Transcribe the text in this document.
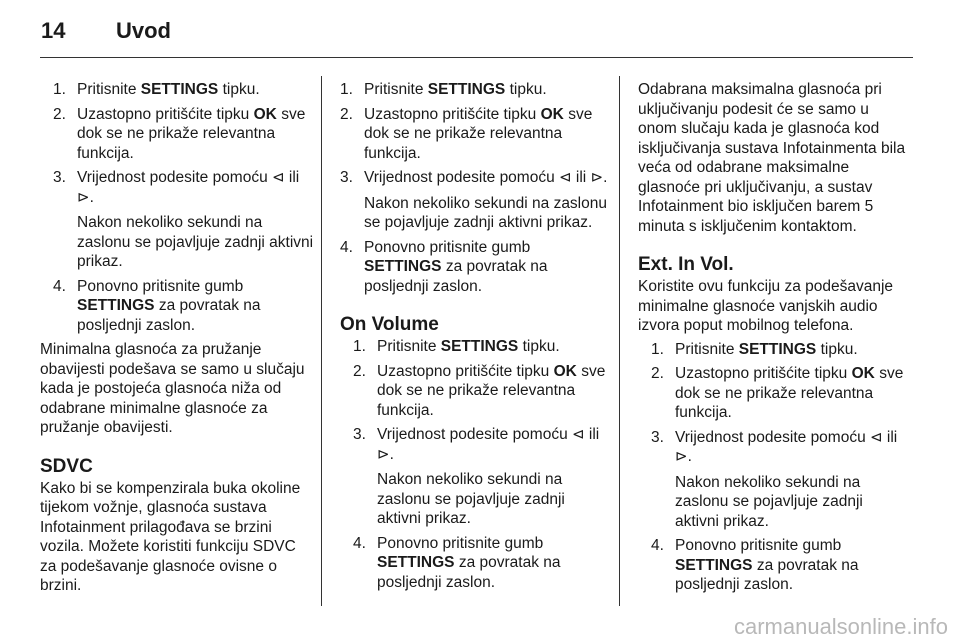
14 Uvod
1. Pritisnite SETTINGS tipku.
2. Uzastopno pritišćite tipku OK sve dok se ne prikaže relevantna funkcija.
3. Vrijednost podesite pomoću ⊲ ili ⊳.
Nakon nekoliko sekundi na zaslonu se pojavljuje zadnji aktivni prikaz.
4. Ponovno pritisnite gumb SETTINGS za povratak na posljednji zaslon.

Minimalna glasnoća za pružanje obavijesti podešava se samo u slučaju kada je postojeća glasnoća niža od odabrane minimalne glasnoće za pružanje obavijesti.

SDVC

Kako bi se kompenzirala buka okoline tijekom vožnje, glasnoća sustava Infotainment prilagođava se brzini vozila. Možete koristiti funkciju SDVC za podešavanje glasnoće ovisne o brzini.

1. Pritisnite SETTINGS tipku.
2. Uzastopno pritišćite tipku OK sve dok se ne prikaže relevantna funkcija.
3. Vrijednost podesite pomoću ⊲ ili ⊳.
Nakon nekoliko sekundi na zaslonu se pojavljuje zadnji aktivni prikaz.
4. Ponovno pritisnite gumb SETTINGS za povratak na posljednji zaslon.
On Volume
1. Pritisnite SETTINGS tipku.
2. Uzastopno pritišćite tipku OK sve dok se ne prikaže relevantna funkcija.
3. Vrijednost podesite pomoću ⊲ ili ⊳.
Nakon nekoliko sekundi na zaslonu se pojavljuje zadnji aktivni prikaz.
4. Ponovno pritisnite gumb SETTINGS za povratak na posljednji zaslon.

Odabrana maksimalna glasnoća pri uključivanju podesit će se samo u onom slučaju kada je glasnoća kod isključivanja sustava Infotainmenta bila veća od odabrane maksimalne glasnoće pri uključivanju, a sustav Infotainment bio isključen barem 5 minuta s isključenim kontaktom.

Ext. In Vol.

Koristite ovu funkciju za podešavanje minimalne glasnoće vanjskih audio izvora poput mobilnog telefona.

1. Pritisnite SETTINGS tipku.
2. Uzastopno pritišćite tipku OK sve dok se ne prikaže relevantna funkcija.
3. Vrijednost podesite pomoću ⊲ ili ⊳.
Nakon nekoliko sekundi na zaslonu se pojavljuje zadnji aktivni prikaz.
4. Ponovno pritisnite gumb SETTINGS za povratak na posljednji zaslon.
carmanualsonline.info
